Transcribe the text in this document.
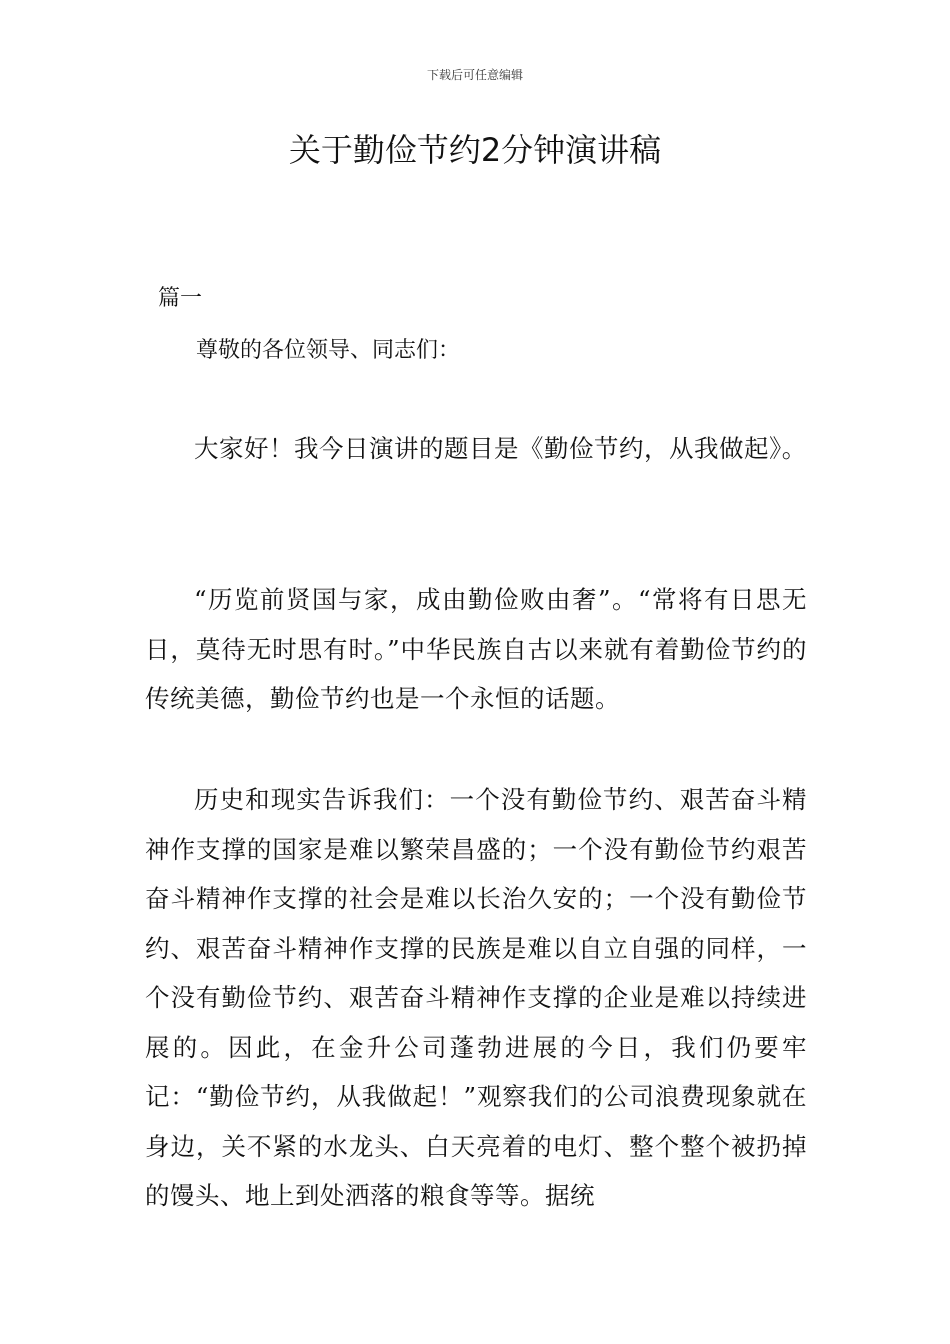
下载后可任意编辑
关于勤俭节约2分钟演讲稿
篇一
尊敬的各位领导、同志们：

大家好！我今日演讲的题目是《勤俭节约，从我做起》。

“历览前贤国与家，成由勤俭败由奢”。“常将有日思无日，莫待无时思有时。”中华民族自古以来就有着勤俭节约的传统美德，勤俭节约也是一个永恒的话题。

历史和现实告诉我们：一个没有勤俭节约、艰苦奋斗精神作支撑的国家是难以繁荣昌盛的；一个没有勤俭节约艰苦奋斗精神作支撑的社会是难以长治久安的；一个没有勤俭节约、艰苦奋斗精神作支撑的民族是难以自立自强的同样，一个没有勤俭节约、艰苦奋斗精神作支撑的企业是难以持续进展的。因此，在金升公司蓬勃进展的今日，我们仍要牢记：“勤俭节约，从我做起！”观察我们的公司浪费现象就在身边，关不紧的水龙头、白天亮着的电灯、整个整个被扔掉的馒头、地上到处洒落的粮食等等。据统
